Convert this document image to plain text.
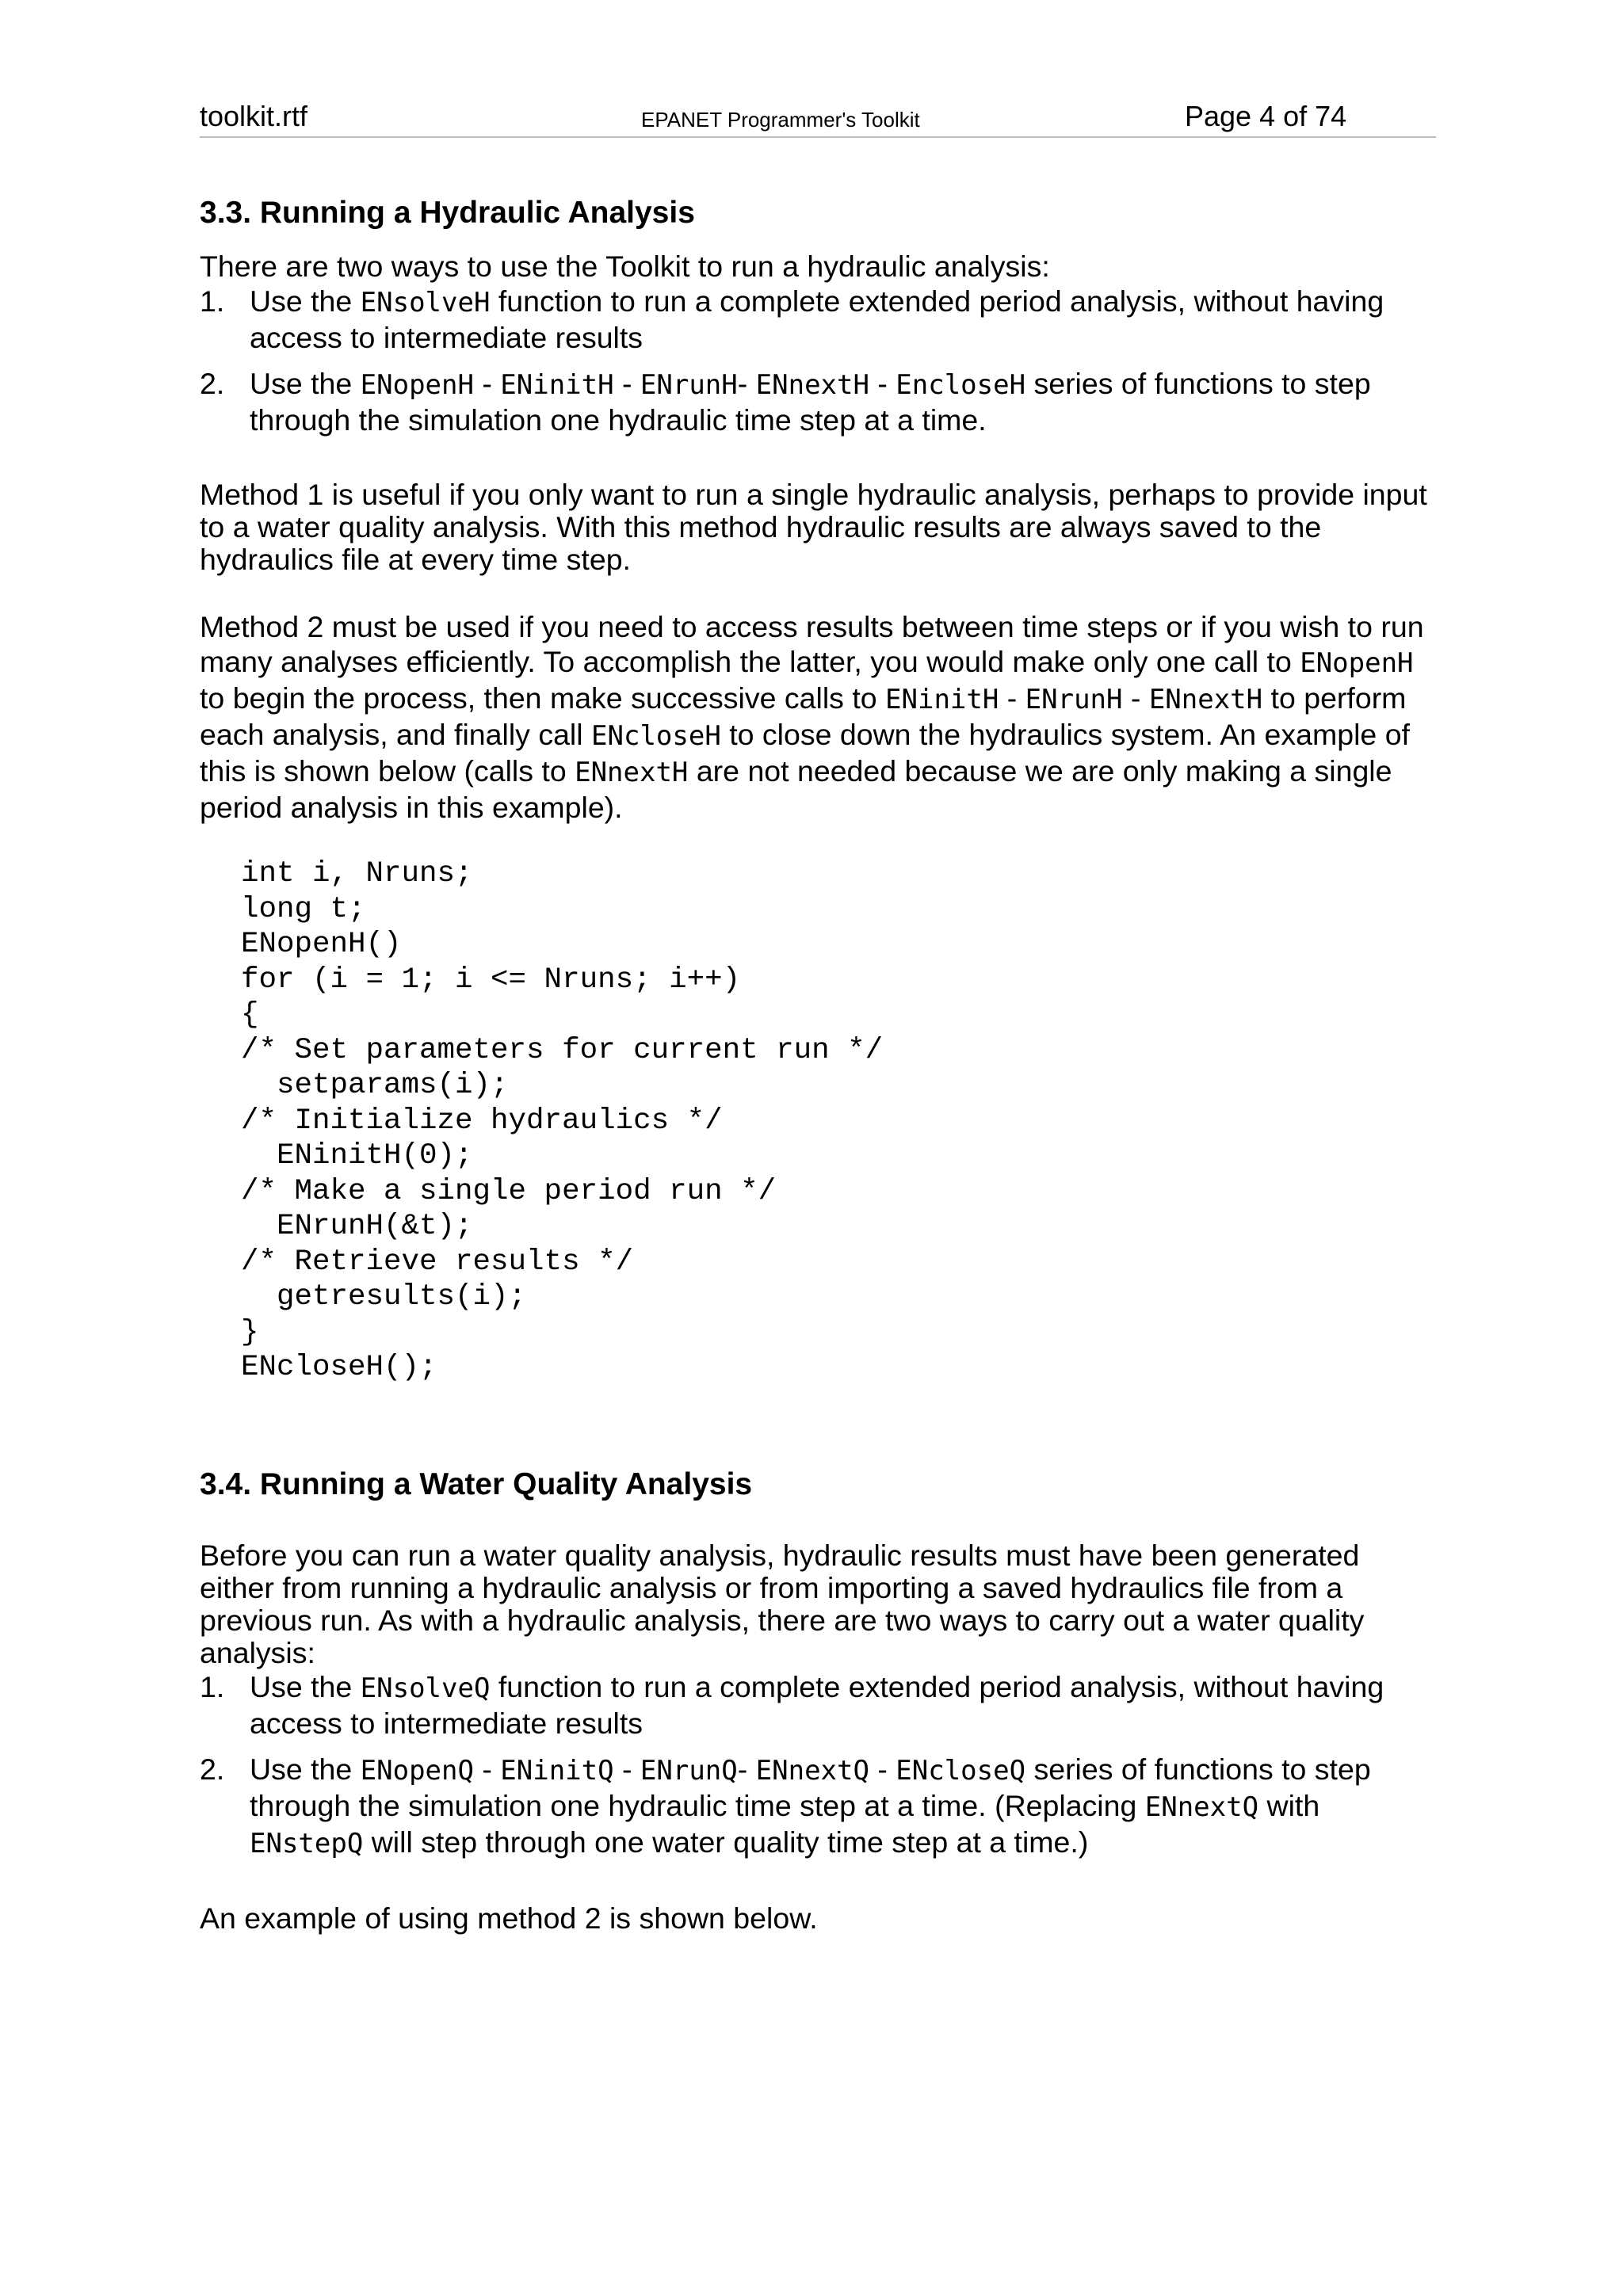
toolkit.rtf	EPANET Programmer's Toolkit	Page 4 of 74
3.3. Running a Hydraulic Analysis

There are two ways to use the Toolkit to run a hydraulic analysis:

1. Use the ENsolveH function to run a complete extended period analysis, without having access to intermediate results
2. Use the ENopenH - ENinitH - ENrunH- ENnextH - EncloseH series of functions to step through the simulation one hydraulic time step at a time.

Method 1 is useful if you only want to run a single hydraulic analysis, perhaps to provide input to a water quality analysis. With this method hydraulic results are always saved to the hydraulics file at every time step.

Method 2 must be used if you need to access results between time steps or if you wish to run many analyses efficiently. To accomplish the latter, you would make only one call to ENopenH to begin the process, then make successive calls to ENinitH - ENrunH - ENnextH to perform each analysis, and finally call ENcloseH to close down the hydraulics system. An example of this is shown below (calls to ENnextH are not needed because we are only making a single period analysis in this example).

int i, Nruns;
long t;
ENopenH()
for (i = 1; i <= Nruns; i++)
{
/* Set parameters for current run */
setparams(i);
/* Initialize hydraulics */
ENinitH(0);
/* Make a single period run */
ENrunH(&t);
/* Retrieve results */
getresults(i);
}
ENcloseH();
3.4. Running a Water Quality Analysis

Before you can run a water quality analysis, hydraulic results must have been generated either from running a hydraulic analysis or from importing a saved hydraulics file from a previous run. As with a hydraulic analysis, there are two ways to carry out a water quality analysis:

1. Use the ENsolveQ function to run a complete extended period analysis, without having access to intermediate results
2. Use the ENopenQ - ENinitQ - ENrunQ- ENnextQ - ENcloseQ series of functions to step through the simulation one hydraulic time step at a time. (Replacing ENnextQ with ENstepQ will step through one water quality time step at a time.)

An example of using method 2 is shown below.
